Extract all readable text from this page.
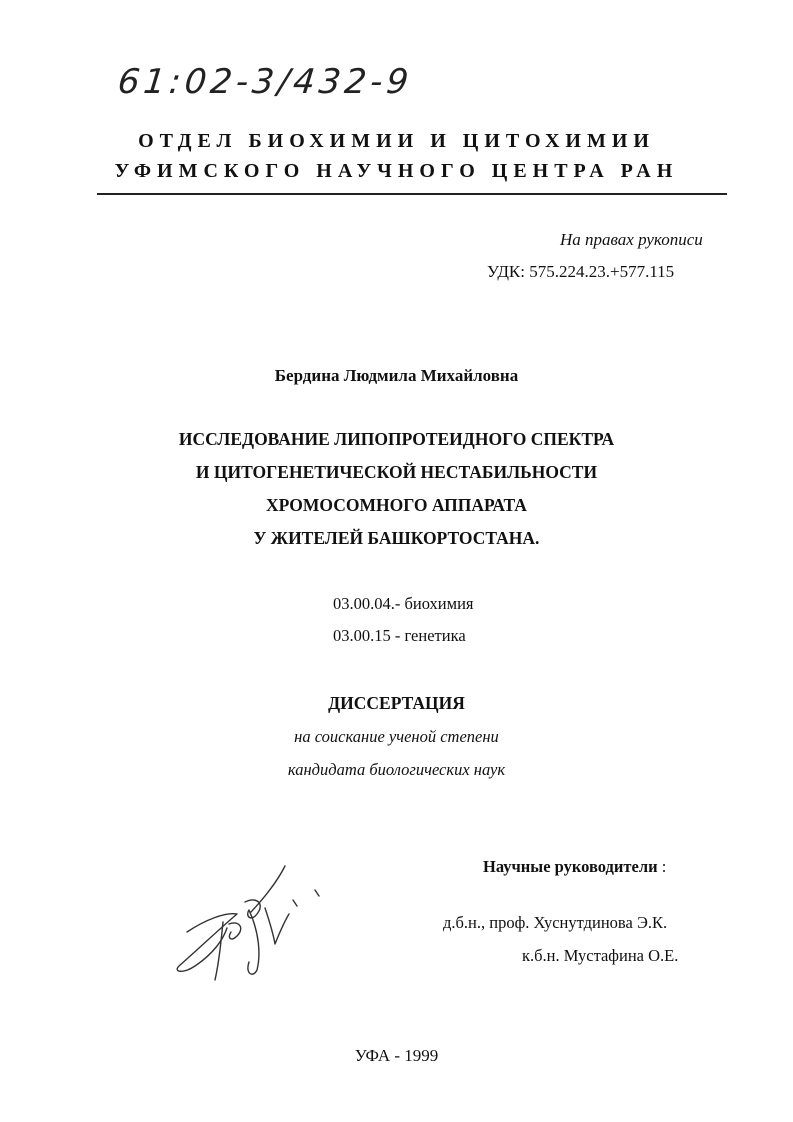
61:02-3/432-9
ОТДЕЛ БИОХИМИИ И ЦИТОХИМИИ
УФИМСКОГО НАУЧНОГО ЦЕНТРА РАН
На правах рукописи
УДК: 575.224.23.+577.115
Бердина Людмила Михайловна
ИССЛЕДОВАНИЕ ЛИПОПРОТЕИДНОГО СПЕКТРА
И ЦИТОГЕНЕТИЧЕСКОЙ НЕСТАБИЛЬНОСТИ
ХРОМОСОМНОГО АППАРАТА
У ЖИТЕЛЕЙ БАШКОРТОСТАНА.
03.00.04.- биохимия
03.00.15 - генетика
ДИССЕРТАЦИЯ
на соискание ученой степени
кандидата биологических наук
Научные руководители :
д.б.н., проф. Хуснутдинова Э.К.
к.б.н. Мустафина О.Е.
УФА - 1999
